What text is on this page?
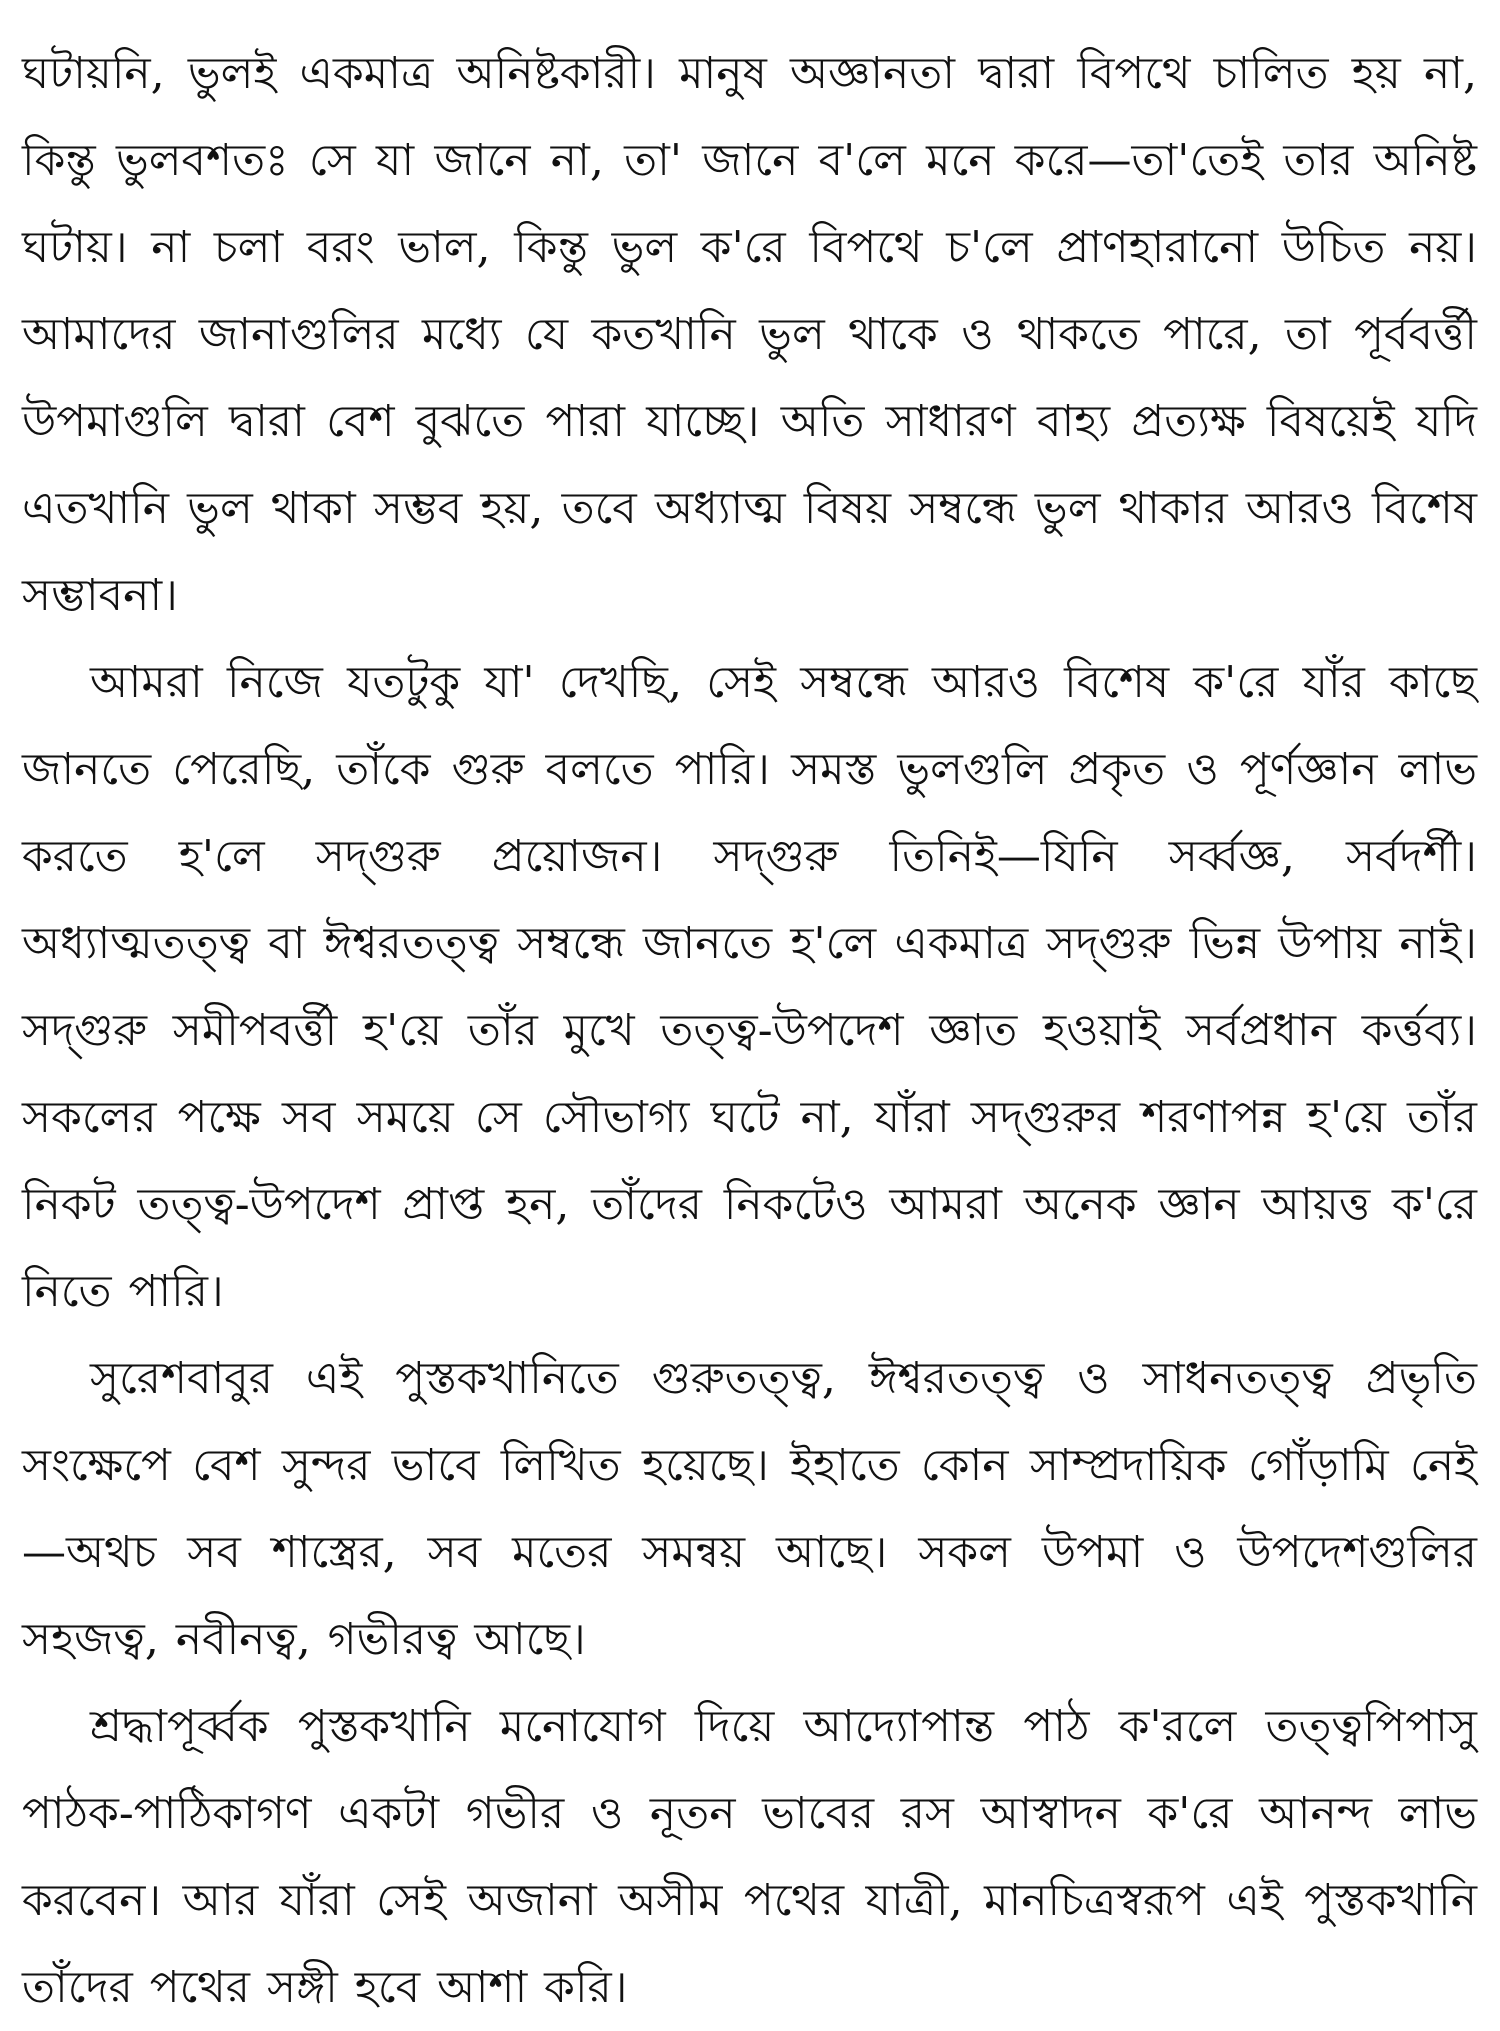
ঘটায়নি, ভুলই একমাত্র অনিষ্টকারী। মানুষ অজ্ঞানতা দ্বারা বিপথে চালিত হয় না, কিন্তু ভুলবশতঃ সে যা জানে না, তা' জানে ব'লে মনে করে—তা'তেই তার অনিষ্ট ঘটায়। না চলা বরং ভাল, কিন্তু ভুল ক'রে বিপথে চ'লে প্রাণহারানো উচিত নয়। আমাদের জানাগুলির মধ্যে যে কতখানি ভুল থাকে ও থাকতে পারে, তা পূর্ববর্ত্তী উপমাগুলি দ্বারা বেশ বুঝতে পারা যাচ্ছে। অতি সাধারণ বাহ্য প্রত্যক্ষ বিষয়েই যদি এতখানি ভুল থাকা সম্ভব হয়, তবে অধ্যাত্ম বিষয় সম্বন্ধে ভুল থাকার আরও বিশেষ সম্ভাবনা।

আমরা নিজে যতটুকু যা' দেখছি, সেই সম্বন্ধে আরও বিশেষ ক'রে যাঁর কাছে জানতে পেরেছি, তাঁকে গুরু বলতে পারি। সমস্ত ভুলগুলি প্রকৃত ও পূর্ণজ্ঞান লাভ করতে হ'লে সদ্‌গুরু প্রয়োজন। সদ্‌গুরু তিনিই—যিনি সর্ব্বজ্ঞ, সর্বদর্শী। অধ্যাত্মতত্ত্ব বা ঈশ্বরতত্ত্ব সম্বন্ধে জানতে হ'লে একমাত্র সদ্‌গুরু ভিন্ন উপায় নাই। সদ্‌গুরু সমীপবর্ত্তী হ'য়ে তাঁর মুখে তত্ত্ব-উপদেশ জ্ঞাত হওয়াই সর্বপ্রধান কর্ত্তব্য। সকলের পক্ষে সব সময়ে সে সৌভাগ্য ঘটে না, যাঁরা সদ্‌গুরুর শরণাপন্ন হ'য়ে তাঁর নিকট তত্ত্ব-উপদেশ প্রাপ্ত হন, তাঁদের নিকটেও আমরা অনেক জ্ঞান আয়ত্ত ক'রে নিতে পারি।

সুরেশবাবুর এই পুস্তকখানিতে গুরুতত্ত্ব, ঈশ্বরতত্ত্ব ও সাধনতত্ত্ব প্রভৃতি সংক্ষেপে বেশ সুন্দর ভাবে লিখিত হয়েছে। ইহাতে কোন সাম্প্রদায়িক গোঁড়ামি নেই—অথচ সব শাস্ত্রের, সব মতের সমন্বয় আছে। সকল উপমা ও উপদেশগুলির সহজত্ব, নবীনত্ব, গভীরত্ব আছে।

শ্রদ্ধাপূর্ব্বক পুস্তকখানি মনোযোগ দিয়ে আদ্যোপান্ত পাঠ ক'রলে তত্ত্বপিপাসু পাঠক-পাঠিকাগণ একটা গভীর ও নূতন ভাবের রস আস্বাদন ক'রে আনন্দ লাভ করবেন। আর যাঁরা সেই অজানা অসীম পথের যাত্রী, মানচিত্রস্বরূপ এই পুস্তকখানি তাঁদের পথের সঙ্গী হবে আশা করি।
